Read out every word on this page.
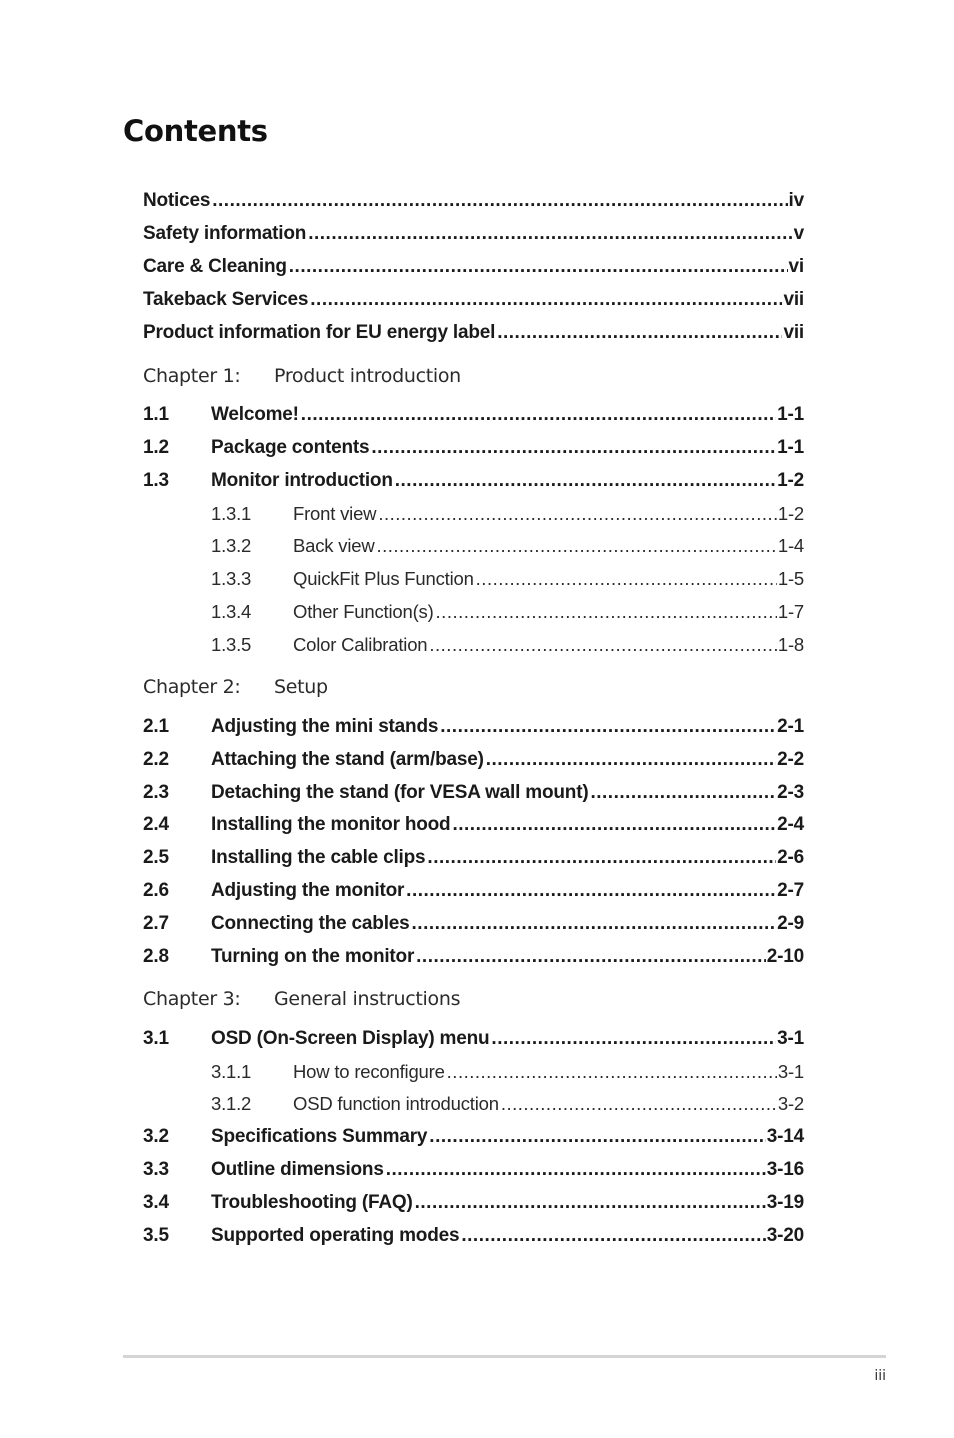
Contents
Notices .....	iv
Safety information .....	v
Care & Cleaning .....	vi
Takeback Services .....	vii
Product information for EU energy label .....	vii
Chapter 1: Product introduction
1.1	Welcome! .....	1-1
1.2	Package contents .....	1-1
1.3	Monitor introduction .....	1-2
1.3.1	Front view .....	1-2
1.3.2	Back view .....	1-4
1.3.3	QuickFit Plus Function .....	1-5
1.3.4	Other Function(s) .....	1-7
1.3.5	Color Calibration .....	1-8
Chapter 2: Setup
2.1	Adjusting the mini stands .....	2-1
2.2	Attaching the stand (arm/base) .....	2-2
2.3	Detaching the stand (for VESA wall mount) .....	2-3
2.4	Installing the monitor hood .....	2-4
2.5	Installing the cable clips .....	2-6
2.6	Adjusting the monitor .....	2-7
2.7	Connecting the cables .....	2-9
2.8	Turning on the monitor .....	2-10
Chapter 3: General instructions
3.1	OSD (On-Screen Display) menu .....	3-1
3.1.1	How to reconfigure .....	3-1
3.1.2	OSD function introduction .....	3-2
3.2	Specifications Summary .....	3-14
3.3	Outline dimensions .....	3-16
3.4	Troubleshooting (FAQ) .....	3-19
3.5	Supported operating modes .....	3-20
iii
